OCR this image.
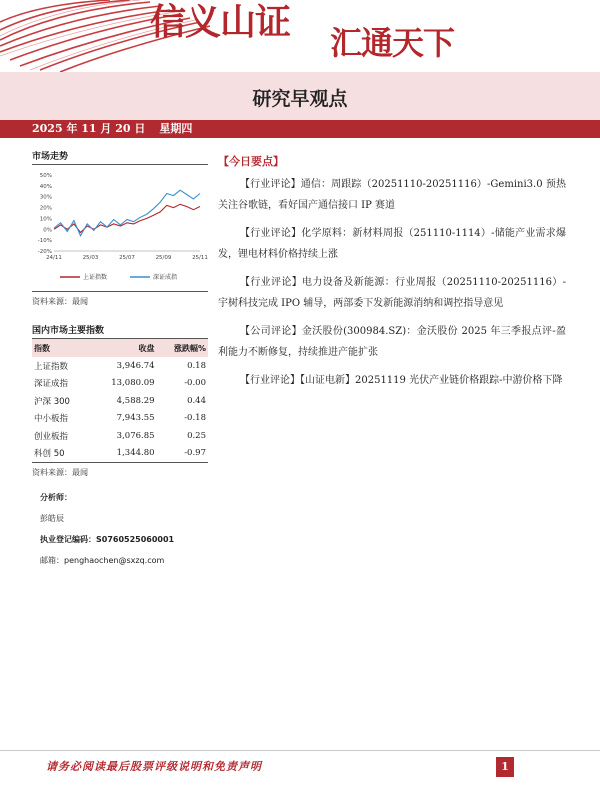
信义山证 汇通天下
研究早观点
2025 年 11 月 20 日 星期四
市场走势
50%
40%
30%
20%
10%
0%
-10%
-20%
24/11	25/03	25/07	25/09	25/11
上证指数	深证成指
资料来源：最闻
国内市场主要指数
指数	收盘	涨跌幅%
上证指数	3,946.74	0.18
深证成指	13,080.09	-0.00
沪深 300	4,588.29	0.44
中小板指	7,943.55	-0.18
创业板指	3,076.85	0.25
科创 50	1,344.80	-0.97
资料来源：最闻
分析师：
彭皓辰
执业登记编码：S0760525060001
邮箱：penghaochen@sxzq.com
【今日要点】

【行业评论】通信：周跟踪（20251110-20251116）-Gemini3.0 预热关注谷歌链，看好国产通信接口 IP 赛道

【行业评论】化学原料：新材料周报（251110-1114）-储能产业需求爆发，锂电材料价格持续上涨

【行业评论】电力设备及新能源：行业周报（20251110-20251116）-宇树科技完成 IPO 辅导，两部委下发新能源消纳和调控指导意见

【公司评论】金沃股份(300984.SZ)：金沃股份 2025 年三季报点评-盈利能力不断修复，持续推进产能扩张

【行业评论】【山证电新】20251119 光伏产业链价格跟踪-中游价格下降

请务必阅读最后股票评级说明和免责声明	1
